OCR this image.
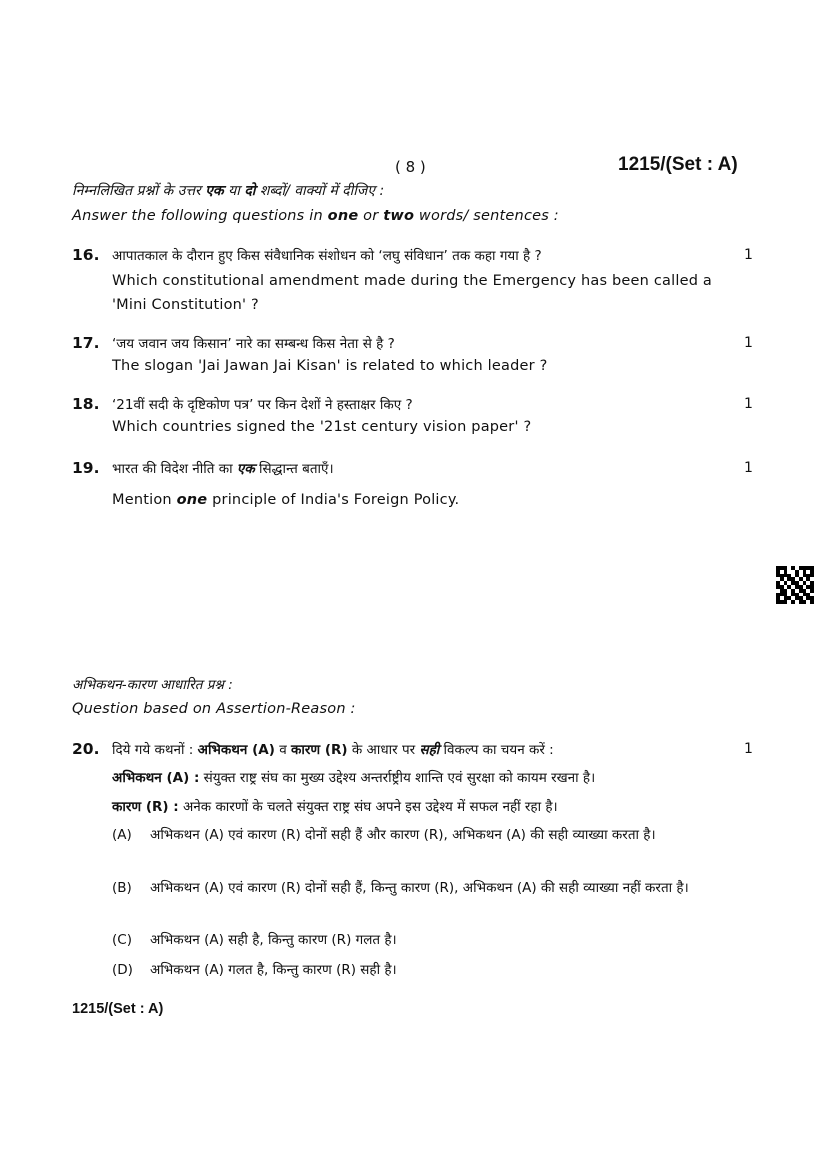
( 8 )	1215/(Set : A)
निम्नलिखित प्रश्नों के उत्तर एक या दो शब्दों/ वाक्यों में दीजिए :
Answer the following questions in one or two words/ sentences :
16. आपातकाल के दौरान हुए किस संवैधानिक संशोधन को ‘लघु संविधान’ तक कहा गया है ?	1
Which constitutional amendment made during the Emergency has been called a
'Mini Constitution' ?
17. ‘जय जवान जय किसान’ नारे का सम्बन्ध किस नेता से है ?	1
The slogan 'Jai Jawan Jai Kisan' is related to which leader ?
18. ‘21वीं सदी के दृष्टिकोण पत्र’ पर किन देशों ने हस्ताक्षर किए ?	1
Which countries signed the '21st century vision paper' ?
19. भारत की विदेश नीति का एक सिद्धान्त बताएँ।	1
Mention one principle of India's Foreign Policy.
अभिकथन-कारण आधारित प्रश्न :
Question based on Assertion-Reason :
20. दिये गये कथनों : अभिकथन (A) व कारण (R) के आधार पर सही विकल्प का चयन करें :	1
अभिकथन (A) : संयुक्त राष्ट्र संघ का मुख्य उद्देश्य अन्तर्राष्ट्रीय शान्ति एवं सुरक्षा को कायम रखना है।
कारण (R) : अनेक कारणों के चलते संयुक्त राष्ट्र संघ अपने इस उद्देश्य में सफल नहीं रहा है।
(A) अभिकथन (A) एवं कारण (R) दोनों सही हैं और कारण (R), अभिकथन (A) की सही व्याख्या करता है।
(B) अभिकथन (A) एवं कारण (R) दोनों सही हैं, किन्तु कारण (R), अभिकथन (A) की सही व्याख्या नहीं करता है।
(C) अभिकथन (A) सही है, किन्तु कारण (R) गलत है।
(D) अभिकथन (A) गलत है, किन्तु कारण (R) सही है।
1215/(Set : A)
